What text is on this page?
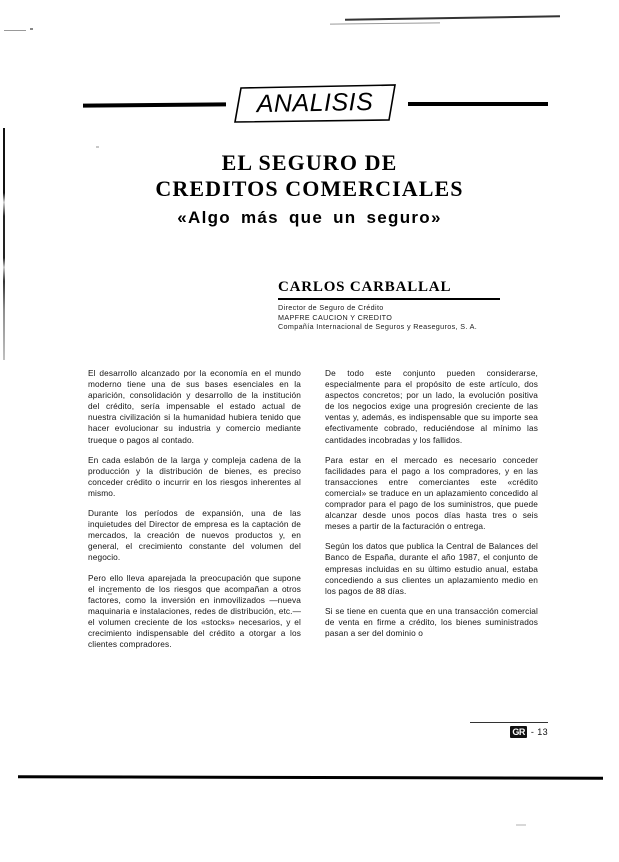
ANALISIS
EL SEGURO DE
CREDITOS COMERCIALES
«Algo más que un seguro»
CARLOS CARBALLAL
Director de Seguro de Crédito
MAPFRE CAUCION Y CREDITO
Compañía Internacional de Seguros y Reaseguros, S. A.

El desarrollo alcanzado por la economía en el mundo moderno tiene una de sus bases esenciales en la aparición, consolidación y desarrollo de la institución del crédito, sería impensable el estado actual de nuestra civilización si la humanidad hubiera tenido que hacer evolucionar su industria y comercio mediante trueque o pagos al contado.

En cada eslabón de la larga y compleja cadena de la producción y la distribución de bienes, es preciso conceder crédito o incurrir en los riesgos inherentes al mismo.

Durante los períodos de expansión, una de las inquietudes del Director de empresa es la captación de mercados, la creación de nuevos productos y, en general, el crecimiento constante del volumen del negocio.

Pero ello lleva aparejada la preocupación que supone el incremento de los riesgos que acompañan a otros factores, como la inversión en inmovilizados —nueva maquinaria e instalaciones, redes de distribución, etc.— el volumen creciente de los «stocks» necesarios, y el crecimiento indispensable del crédito a otorgar a los clientes compradores.

De todo este conjunto pueden considerarse, especialmente para el propósito de este artículo, dos aspectos concretos; por un lado, la evolución positiva de los negocios exige una progresión creciente de las ventas y, además, es indispensable que su importe sea efectivamente cobrado, reduciéndose al mínimo las cantidades incobradas y los fallidos.

Para estar en el mercado es necesario conceder facilidades para el pago a los compradores, y en las transacciones entre comerciantes este «crédito comercial» se traduce en un aplazamiento concedido al comprador para el pago de los suministros, que puede alcanzar desde unos pocos días hasta tres o seis meses a partir de la facturación o entrega.

Según los datos que publica la Central de Balances del Banco de España, durante el año 1987, el conjunto de empresas incluidas en su último estudio anual, estaba concediendo a sus clientes un aplazamiento medio en los pagos de 88 días.

Si se tiene en cuenta que en una transacción comercial de venta en firme a crédito, los bienes suministrados pasan a ser del dominio o

GR - 13
